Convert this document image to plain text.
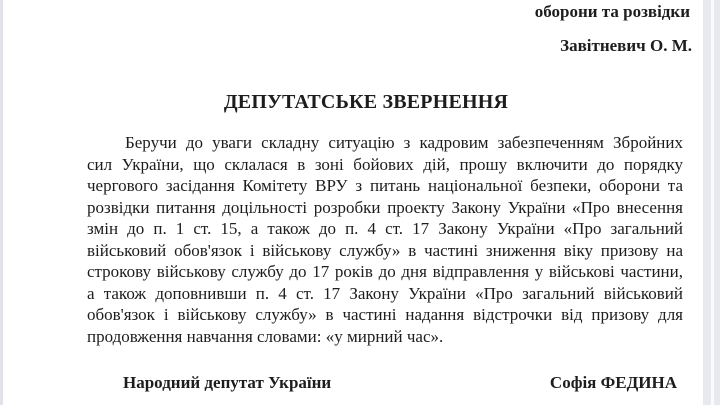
оборони та розвідки
Завітневич О. М.
ДЕПУТАТСЬКЕ ЗВЕРНЕННЯ
Беручи до уваги складну ситуацію з кадровим забезпеченням Збройних
сил України, що склалася в зоні бойових дій, прошу включити до порядку
чергового засідання Комітету ВРУ з питань національної безпеки, оборони та
розвідки питання доцільності розробки проекту Закону України «Про внесення
змін до п. 1 ст. 15, а також до п. 4 ст. 17 Закону України «Про загальний
військовий обов'язок і військову службу» в частині зниження віку призову на
строкову військову службу до 17 років до дня відправлення у військові частини,
а також доповнивши п. 4 ст. 17 Закону України «Про загальний військовий
обов'язок і військову службу» в частині надання відстрочки від призову для
продовження навчання словами: «у мирний час».
Народний депутат України	Софія ФЕДИНА
